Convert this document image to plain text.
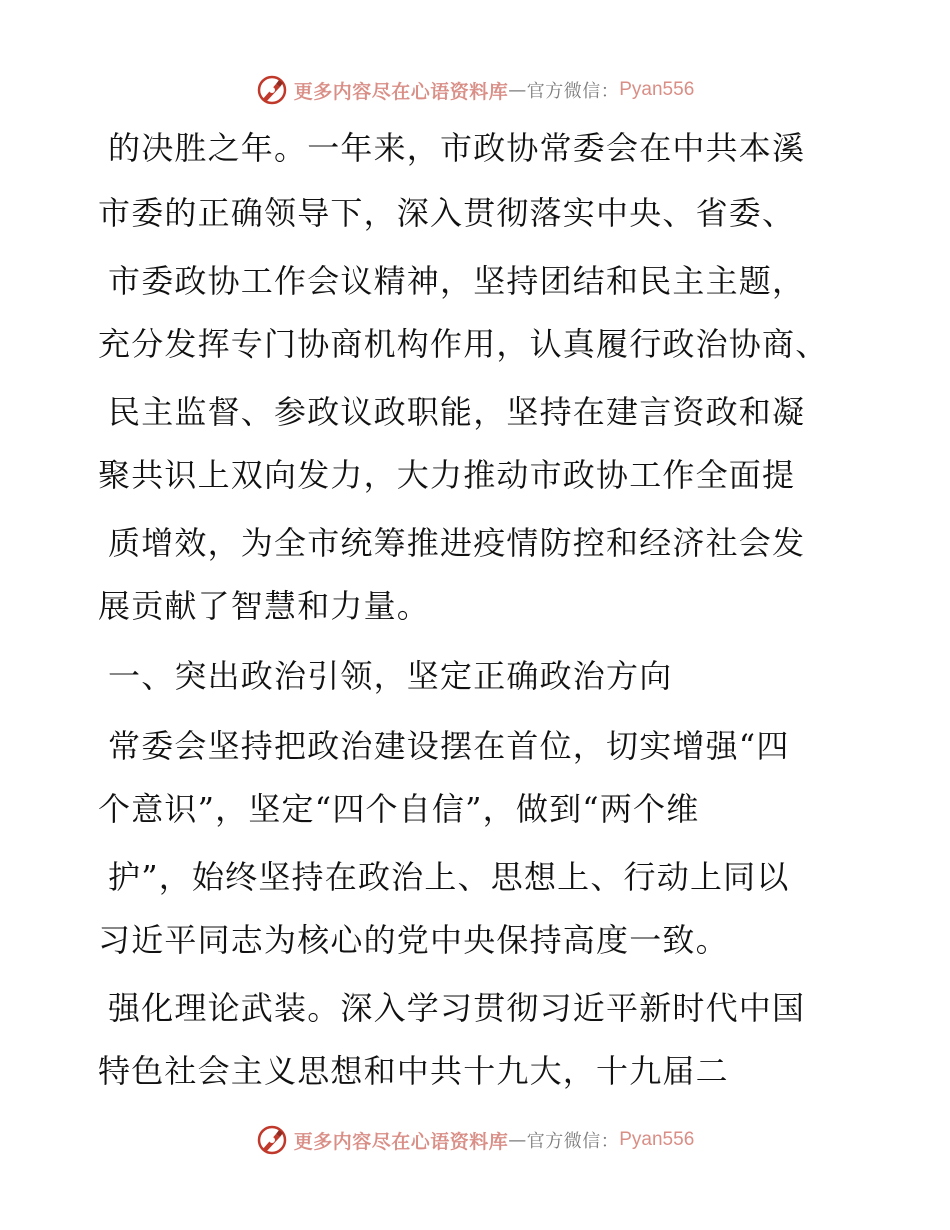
更多内容尽在心语资料库 — 官方微信： Pyan556
的决胜之年。一年来，市政协常委会在中共本溪
市委的正确领导下，深入贯彻落实中央、省委、
市委政协工作会议精神，坚持团结和民主主题，
充分发挥专门协商机构作用，认真履行政治协商、
民主监督、参政议政职能，坚持在建言资政和凝
聚共识上双向发力，大力推动市政协工作全面提
质增效，为全市统筹推进疫情防控和经济社会发
展贡献了智慧和力量。
一、突出政治引领，坚定正确政治方向
常委会坚持把政治建设摆在首位，切实增强“四
个意识”，坚定“四个自信”，做到“两个维
护”，始终坚持在政治上、思想上、行动上同以
习近平同志为核心的党中央保持高度一致。
强化理论武装。深入学习贯彻习近平新时代中国
特色社会主义思想和中共十九大，十九届二
更多内容尽在心语资料库 — 官方微信： Pyan556
